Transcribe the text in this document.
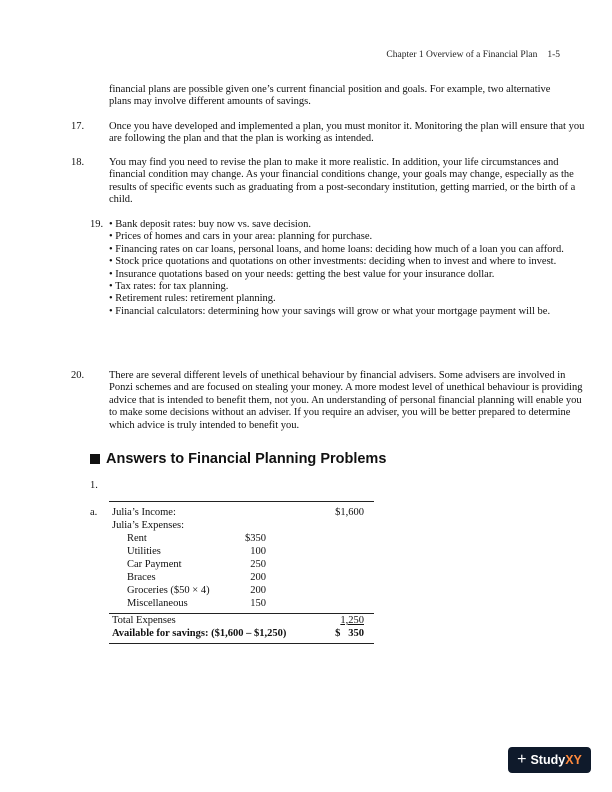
Chapter 1 Overview of a Financial Plan 1-5
financial plans are possible given one’s current financial position and goals. For example, two alternative plans may involve different amounts of savings.
17. Once you have developed and implemented a plan, you must monitor it. Monitoring the plan will ensure that you are following the plan and that the plan is working as intended.
18. You may find you need to revise the plan to make it more realistic. In addition, your life circumstances and financial condition may change. As your financial conditions change, your goals may change, especially as the results of specific events such as graduating from a post-secondary institution, getting married, or the birth of a child.
19. • Bank deposit rates: buy now vs. save decision.
• Prices of homes and cars in your area: planning for purchase.
• Financing rates on car loans, personal loans, and home loans: deciding how much of a loan you can afford.
• Stock price quotations and quotations on other investments: deciding when to invest and where to invest.
• Insurance quotations based on your needs: getting the best value for your insurance dollar.
• Tax rates: for tax planning.
• Retirement rules: retirement planning.
• Financial calculators: determining how your savings will grow or what your mortgage payment will be.
20. There are several different levels of unethical behaviour by financial advisers. Some advisers are involved in Ponzi schemes and are focused on stealing your money. A more modest level of unethical behaviour is providing advice that is intended to benefit them, not you. An understanding of personal financial planning will enable you to make some decisions without an adviser. If you require an adviser, you will be better prepared to determine which advice is truly intended to benefit you.
Answers to Financial Planning Problems
1.
a. Julia’s Income:	$1,600
Julia’s Expenses:
Rent	$350
Utilities	100
Car Payment	250
Braces	200
Groceries ($50 × 4)	200
Miscellaneous	150
Total Expenses	1,250
Available for savings: ($1,600 – $1,250)	$   350
+ Study XY
